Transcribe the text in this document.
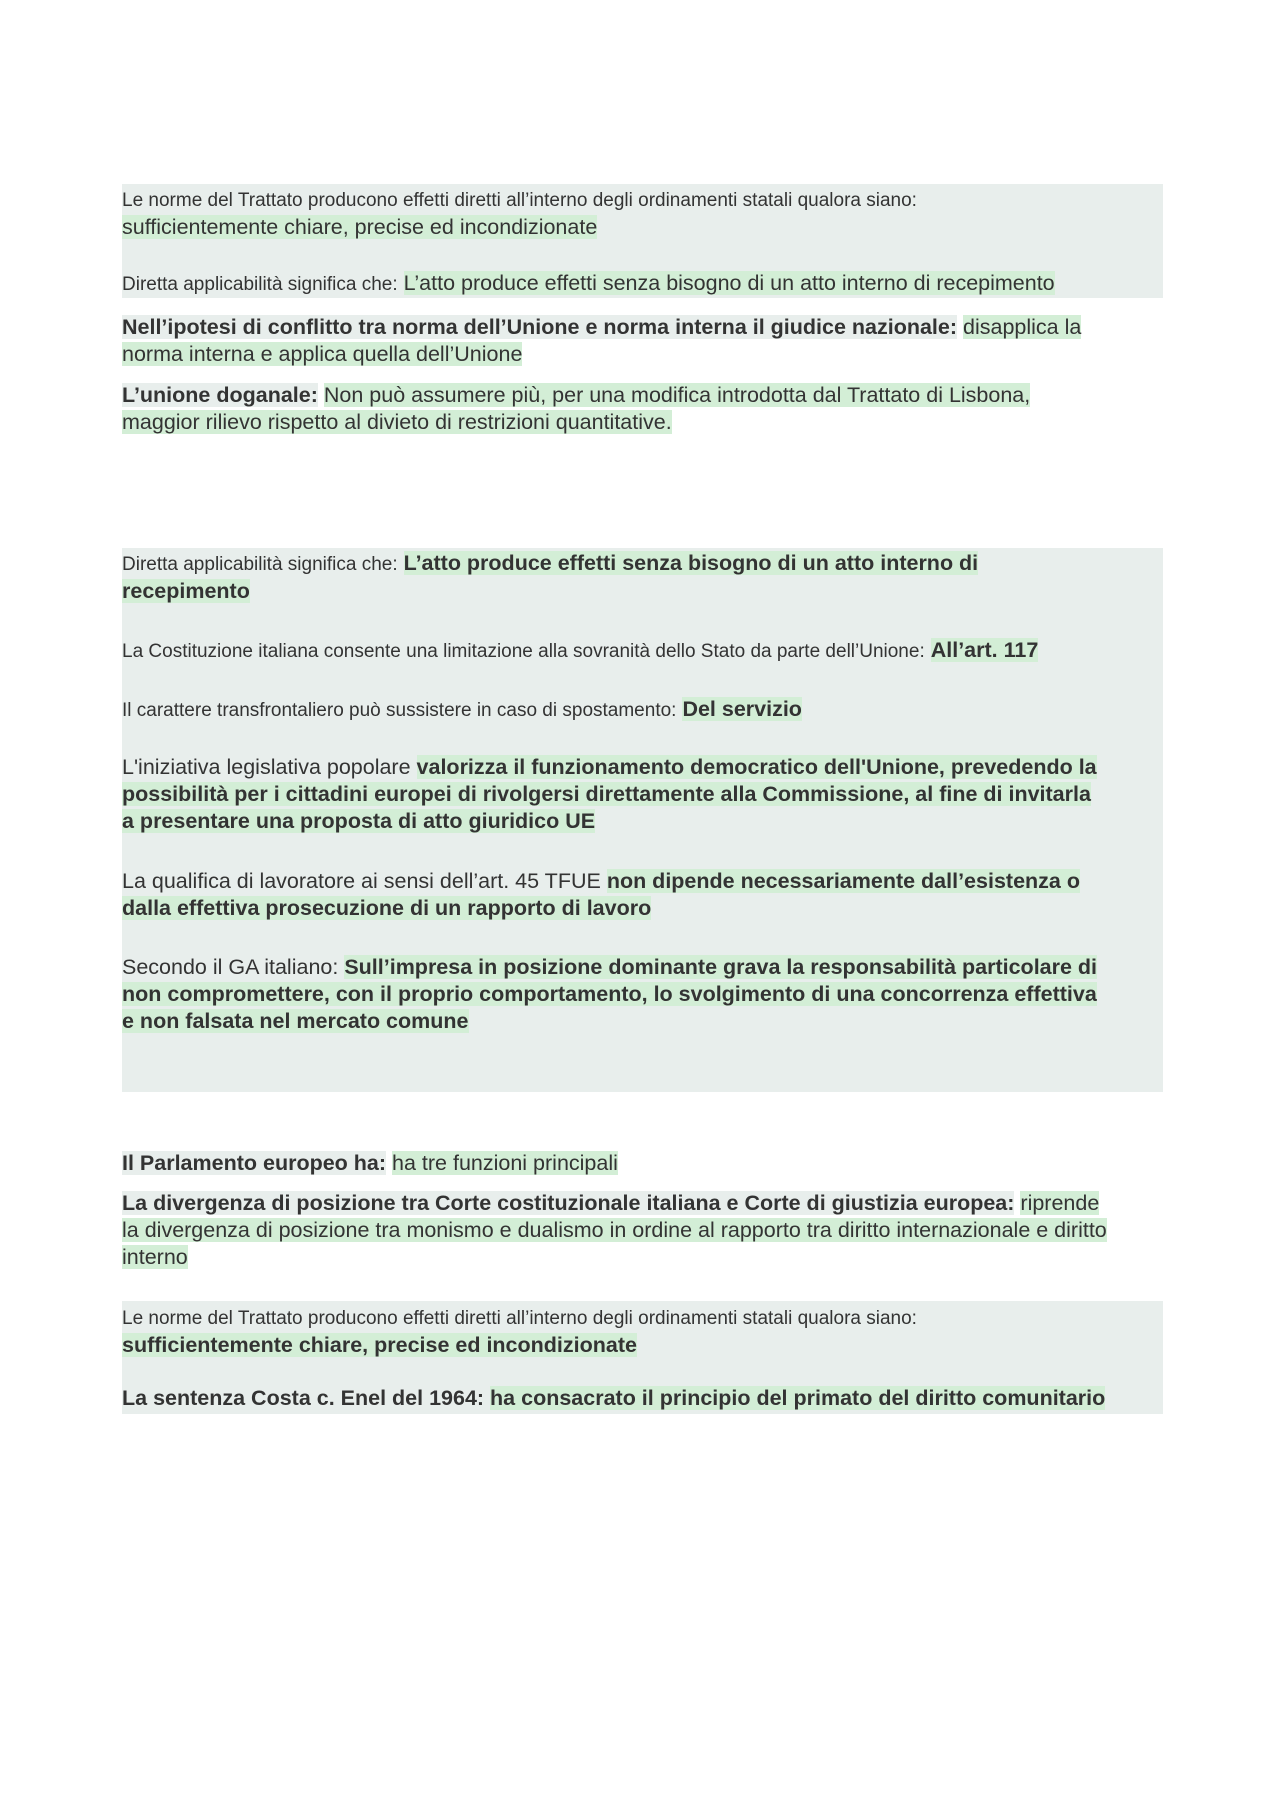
Le norme del Trattato producono effetti diretti all’interno degli ordinamenti statali qualora siano:
sufficientemente chiare, precise ed incondizionate

Diretta applicabilità significa che: L’atto produce effetti senza bisogno di un atto interno di recepimento

Nell’ipotesi di conflitto tra norma dell’Unione e norma interna il giudice nazionale: disapplica la
norma interna e applica quella dell’Unione

L’unione doganale: Non può assumere più, per una modifica introdotta dal Trattato di Lisbona,
maggior rilievo rispetto al divieto di restrizioni quantitative.

Diretta applicabilità significa che: L’atto produce effetti senza bisogno di un atto interno di
recepimento

La Costituzione italiana consente una limitazione alla sovranità dello Stato da parte dell’Unione: All’art. 117

Il carattere transfrontaliero può sussistere in caso di spostamento: Del servizio

L'iniziativa legislativa popolare valorizza il funzionamento democratico dell'Unione, prevedendo la
possibilità per i cittadini europei di rivolgersi direttamente alla Commissione, al fine di invitarla
a presentare una proposta di atto giuridico UE

La qualifica di lavoratore ai sensi dell’art. 45 TFUE non dipende necessariamente dall’esistenza o
dalla effettiva prosecuzione di un rapporto di lavoro

Secondo il GA italiano: Sull’impresa in posizione dominante grava la responsabilità particolare di
non compromettere, con il proprio comportamento, lo svolgimento di una concorrenza effettiva
e non falsata nel mercato comune

Il Parlamento europeo ha: ha tre funzioni principali

La divergenza di posizione tra Corte costituzionale italiana e Corte di giustizia europea: riprende
la divergenza di posizione tra monismo e dualismo in ordine al rapporto tra diritto internazionale e diritto
interno

Le norme del Trattato producono effetti diretti all’interno degli ordinamenti statali qualora siano:
sufficientemente chiare, precise ed incondizionate

La sentenza Costa c. Enel del 1964: ha consacrato il principio del primato del diritto comunitario
